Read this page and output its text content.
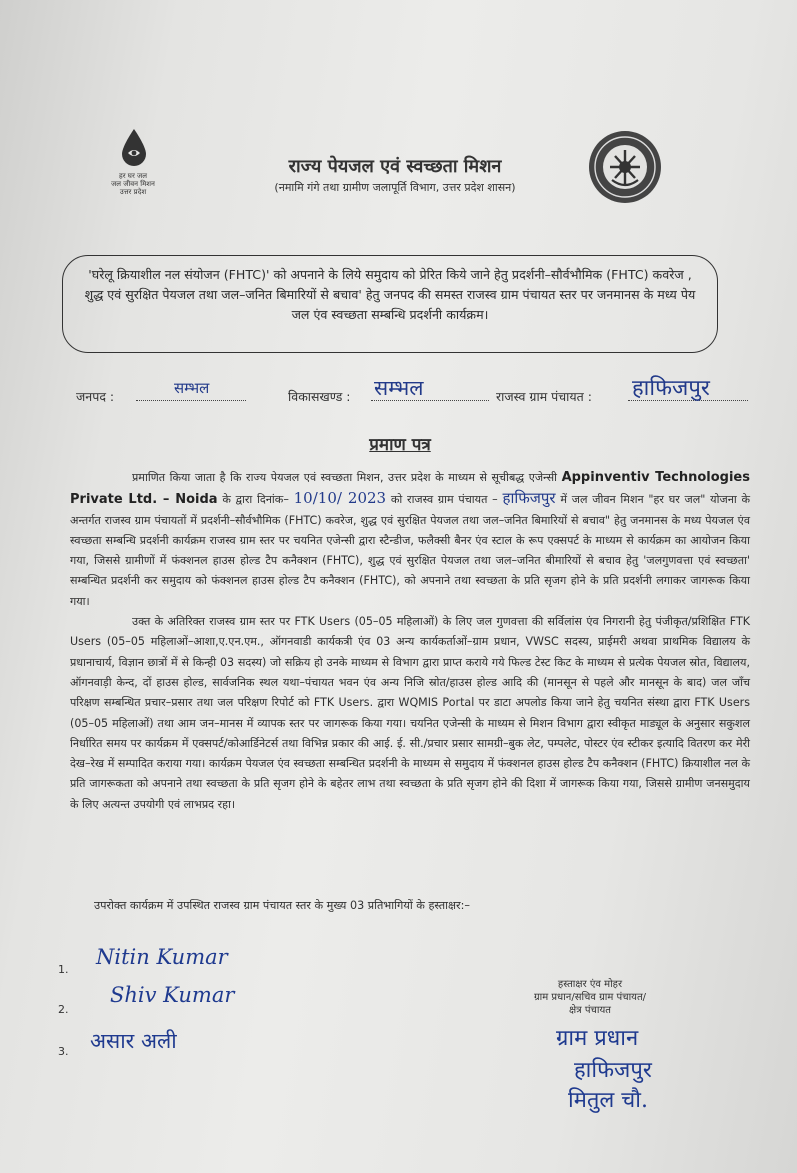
हर घर जल
जल जीवन मिशन
उत्तर प्रदेश
राज्य पेयजल एवं स्वच्छता मिशन
(नमामि गंगे तथा ग्रामीण जलापूर्ति विभाग, उत्तर प्रदेश शासन)
'घरेलू क्रियाशील नल संयोजन (FHTC)' को अपनाने के लिये समुदाय को प्रेरित किये जाने हेतु प्रदर्शनी–सौर्वभौमिक (FHTC) कवरेज , शुद्ध एवं सुरक्षित पेयजल तथा जल–जनित बिमारियों से बचाव' हेतु जनपद की समस्त राजस्व ग्राम पंचायत स्तर पर जनमानस के मध्य पेय जल एंव स्वच्छता सम्बन्धि प्रदर्शनी कार्यक्रम।
जनपद :	सम्भल	विकासखण्ड : सम्भल	राजस्व ग्राम पंचायत : हाफिजपुर
प्रमाण पत्र

प्रमाणित किया जाता है कि राज्य पेयजल एवं स्वच्छता मिशन, उत्तर प्रदेश के माध्यम से सूचीबद्ध एजेन्सी Appinventiv Technologies Private Ltd. – Noida के द्वारा दिनांक– 10/10/ 2023 को राजस्व ग्राम पंचायत – हाफिजपुर में जल जीवन मिशन "हर घर जल" योजना के अन्तर्गत राजस्व ग्राम पंचायतों में प्रदर्शनी–सौर्वभौमिक (FHTC) कवरेज, शुद्ध एवं सुरक्षित पेयजल तथा जल–जनित बिमारियों से बचाव" हेतु जनमानस के मध्य पेयजल एंव स्वच्छता सम्बन्धि प्रदर्शनी कार्यक्रम राजस्व ग्राम स्तर पर चयनित एजेन्सी द्वारा स्टैन्डीज, फलैक्सी बैनर एंव स्टाल के रूप एक्सपर्ट के माध्यम से कार्यक्रम का आयोजन किया गया, जिससे ग्रामीणों में फंक्शनल हाउस होल्ड टैप कनैक्शन (FHTC), शुद्ध एवं सुरक्षित पेयजल तथा जल–जनित बीमारियों से बचाव हेतु 'जलगुणवत्ता एवं स्वच्छता' सम्बन्धित प्रदर्शनी कर समुदाय को फंक्शनल हाउस होल्ड टैप कनैक्शन (FHTC), को अपनाने तथा स्वच्छता के प्रति सृजग होने के प्रति प्रदर्शनी लगाकर जागरूक किया गया।

उक्त के अतिरिक्त राजस्व ग्राम स्तर पर FTK Users (05–05 महिलाओं) के लिए जल गुणवत्ता की सर्विलांस एंव निगरानी हेतु पंजीकृत/प्रशिक्षित FTK Users (05–05 महिलाओं–आशा,ए.एन.एम., ऑगनवाडी कार्यकत्री एंव 03 अन्य कार्यकर्ताओं–ग्राम प्रधान, VWSC सदस्य, प्राईमरी अथवा प्राथमिक विद्यालय के प्रधानाचार्य, विज्ञान छात्रों में से किन्ही 03 सदस्य) जो सक्रिय हो उनके माध्यम से विभाग द्वारा प्राप्त कराये गये फिल्ड टेस्ट किट के माध्यम से प्रत्येक पेयजल स्रोत, विद्यालय, ऑगनवाड़ी केन्द, दों हाउस होल्ड, सार्वजनिक स्थल यथा–पंचायत भवन एंव अन्य निजि स्रोत/हाउस होल्ड आदि की (मानसून से पहले और मानसून के बाद) जल जाँच परिक्षण सम्बन्धित प्रचार–प्रसार तथा जल परिक्षण रिपोर्ट को FTK Users. द्वारा WQMIS Portal पर डाटा अपलोड किया जाने हेतु चयनित संस्था द्वारा FTK Users (05–05 महिलाओं) तथा आम जन–मानस में व्यापक स्तर पर जागरूक किया गया। चयनित एजेन्सी के माध्यम से मिशन विभाग द्वारा स्वीकृत माड्यूल के अनुसार सकुशल निर्धारित समय पर कार्यक्रम में एक्सपर्ट/कोआर्डिनेटर्स तथा विभिन्न प्रकार की आई. ई. सी./प्रचार प्रसार सामग्री–बुक लेट, पम्पलेट, पोस्टर एंव स्टीकर इत्यादि वितरण कर मेरी देख–रेख में सम्पादित कराया गया। कार्यक्रम पेयजल एंव स्वच्छता सम्बन्धित प्रदर्शनी के माध्यम से समुदाय में फंक्शनल हाउस होल्ड टैप कनैक्शन (FHTC) क्रियाशील नल के प्रति जागरूकता को अपनाने तथा स्वच्छता के प्रति सृजग होने के बहेतर लाभ तथा स्वच्छता के प्रति सृजग होने की दिशा में जागरूक किया गया, जिससे ग्रामीण जनसमुदाय के लिए अत्यन्त उपयोगी एवं लाभप्रद रहा।

उपरोक्त कार्यक्रम में उपस्थित राजस्व ग्राम पंचायत स्तर के मुख्य 03 प्रतिभागियों के हस्ताक्षर:–
1.
Nitin Kumar
2.
Shiv Kumar
3. असार अली
हस्ताक्षर एंव मोहर
ग्राम प्रधान/सचिव ग्राम पंचायत/
क्षेत्र पंचायत
ग्राम प्रधान
हाफिजपुर
मितुल चौ.
